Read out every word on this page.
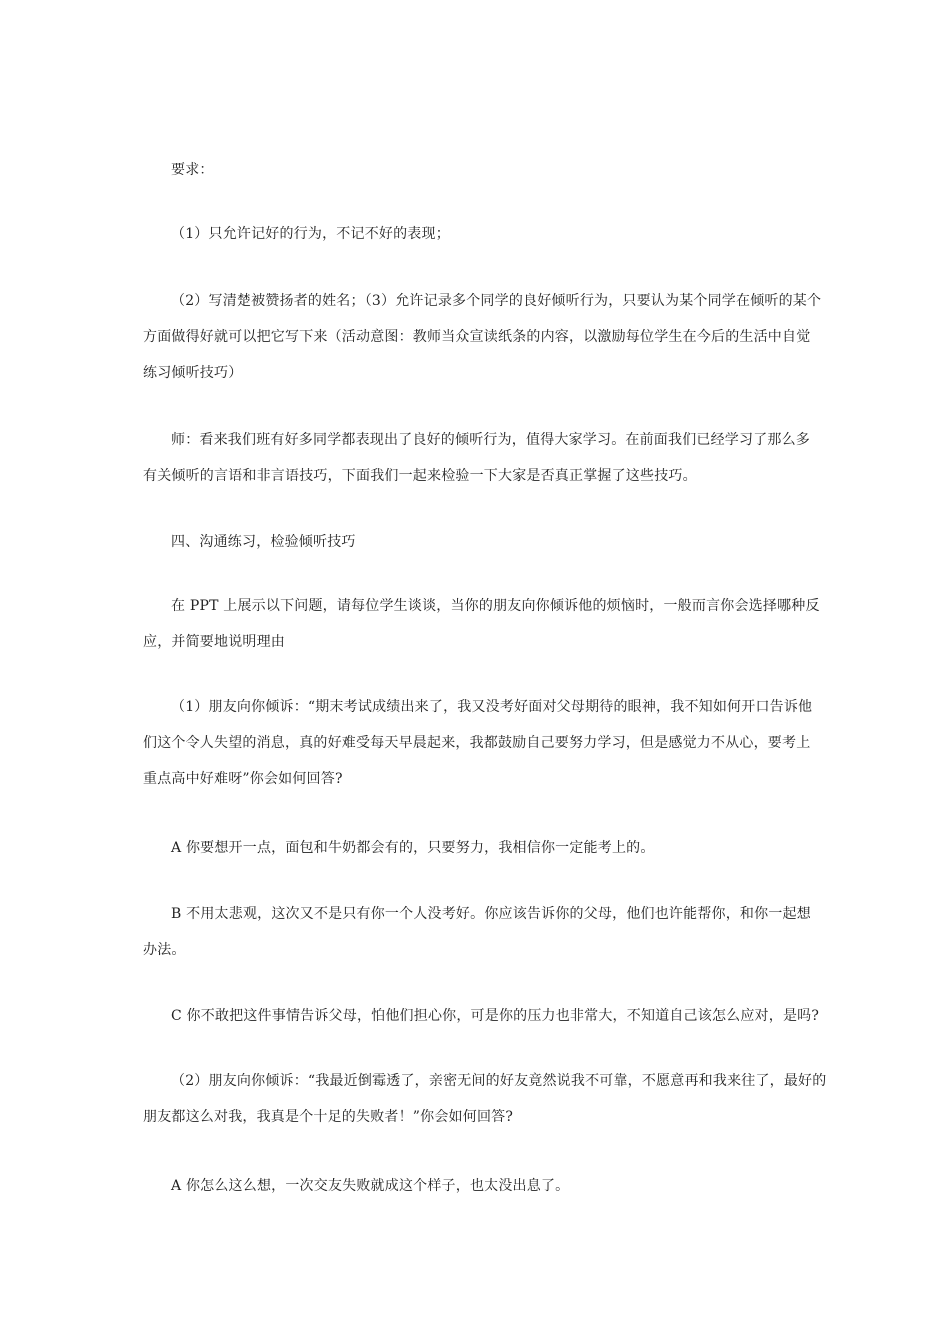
要求：

（1）只允许记好的行为，不记不好的表现；

（2）写清楚被赞扬者的姓名；（3）允许记录多个同学的良好倾听行为，只要认为某个同学在倾听的某个
方面做得好就可以把它写下来（活动意图：教师当众宣读纸条的内容，以激励每位学生在今后的生活中自觉
练习倾听技巧）

师：看来我们班有好多同学都表现出了良好的倾听行为，值得大家学习。在前面我们已经学习了那么多
有关倾听的言语和非言语技巧，下面我们一起来检验一下大家是否真正掌握了这些技巧。

四、沟通练习，检验倾听技巧

在 PPT 上展示以下问题，请每位学生谈谈，当你的朋友向你倾诉他的烦恼时，一般而言你会选择哪种反
应，并简要地说明理由

（1）朋友向你倾诉：“期末考试成绩出来了，我又没考好面对父母期待的眼神，我不知如何开口告诉他
们这个令人失望的消息，真的好难受每天早晨起来，我都鼓励自己要努力学习，但是感觉力不从心，要考上
重点高中好难呀”你会如何回答?

A 你要想开一点，面包和牛奶都会有的，只要努力，我相信你一定能考上的。

B 不用太悲观，这次又不是只有你一个人没考好。你应该告诉你的父母，他们也许能帮你，和你一起想
办法。

C 你不敢把这件事情告诉父母，怕他们担心你，可是你的压力也非常大，不知道自己该怎么应对，是吗?

（2）朋友向你倾诉：“我最近倒霉透了，亲密无间的好友竟然说我不可靠，不愿意再和我来往了，最好的
朋友都这么对我，我真是个十足的失败者！”你会如何回答?

A 你怎么这么想，一次交友失败就成这个样子，也太没出息了。
